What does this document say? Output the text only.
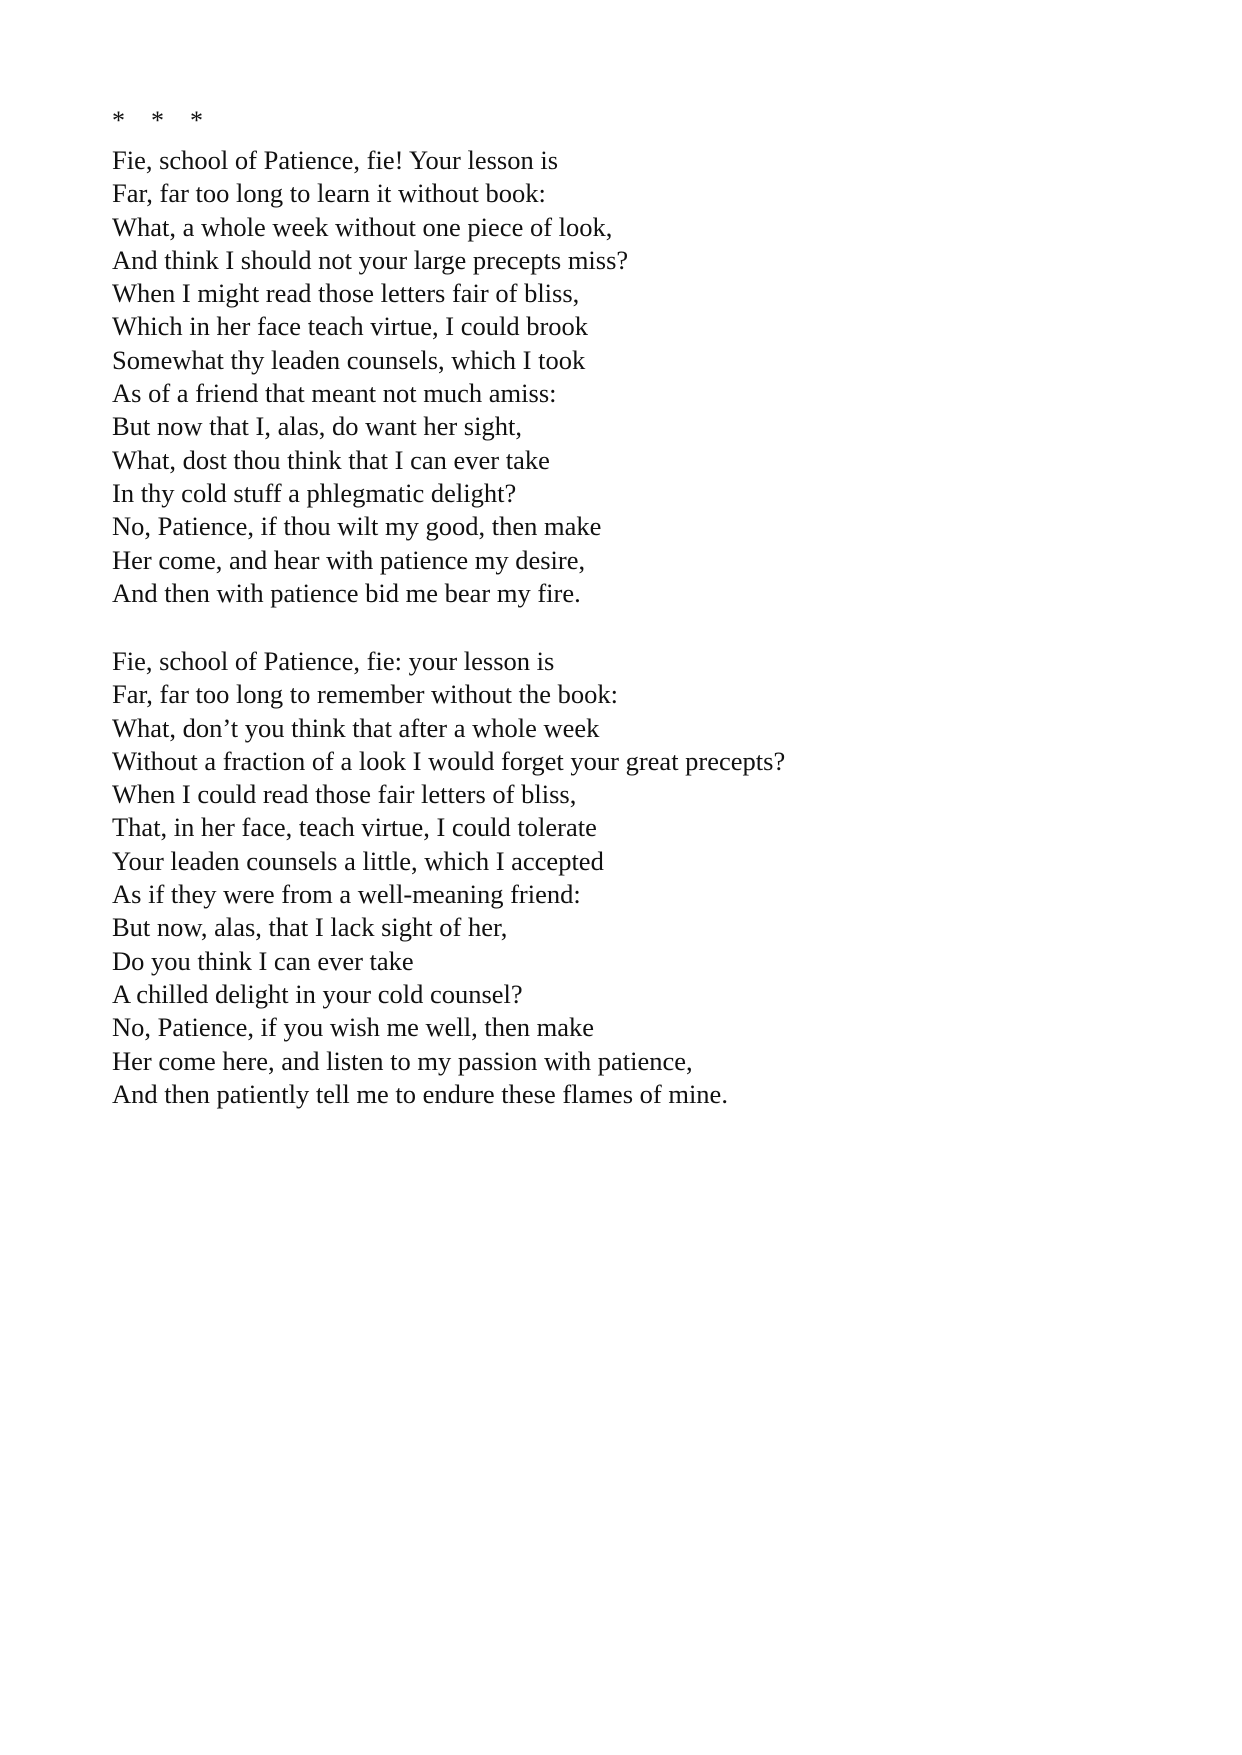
*    *    *
Fie, school of Patience, fie! Your lesson is
Far, far too long to learn it without book:
What, a whole week without one piece of look,
And think I should not your large precepts miss?
When I might read those letters fair of bliss,
Which in her face teach virtue, I could brook
Somewhat thy leaden counsels, which I took
As of a friend that meant not much amiss:
But now that I, alas, do want her sight,
What, dost thou think that I can ever take
In thy cold stuff a phlegmatic delight?
No, Patience, if thou wilt my good, then make
Her come, and hear with patience my desire,
And then with patience bid me bear my fire.
Fie, school of Patience, fie: your lesson is
Far, far too long to remember without the book:
What, don’t you think that after a whole week
Without a fraction of a look I would forget your great precepts?
When I could read those fair letters of bliss,
That, in her face, teach virtue, I could tolerate
Your leaden counsels a little, which I accepted
As if they were from a well-meaning friend:
But now, alas, that I lack sight of her,
Do you think I can ever take
A chilled delight in your cold counsel?
No, Patience, if you wish me well, then make
Her come here, and listen to my passion with patience,
And then patiently tell me to endure these flames of mine.
